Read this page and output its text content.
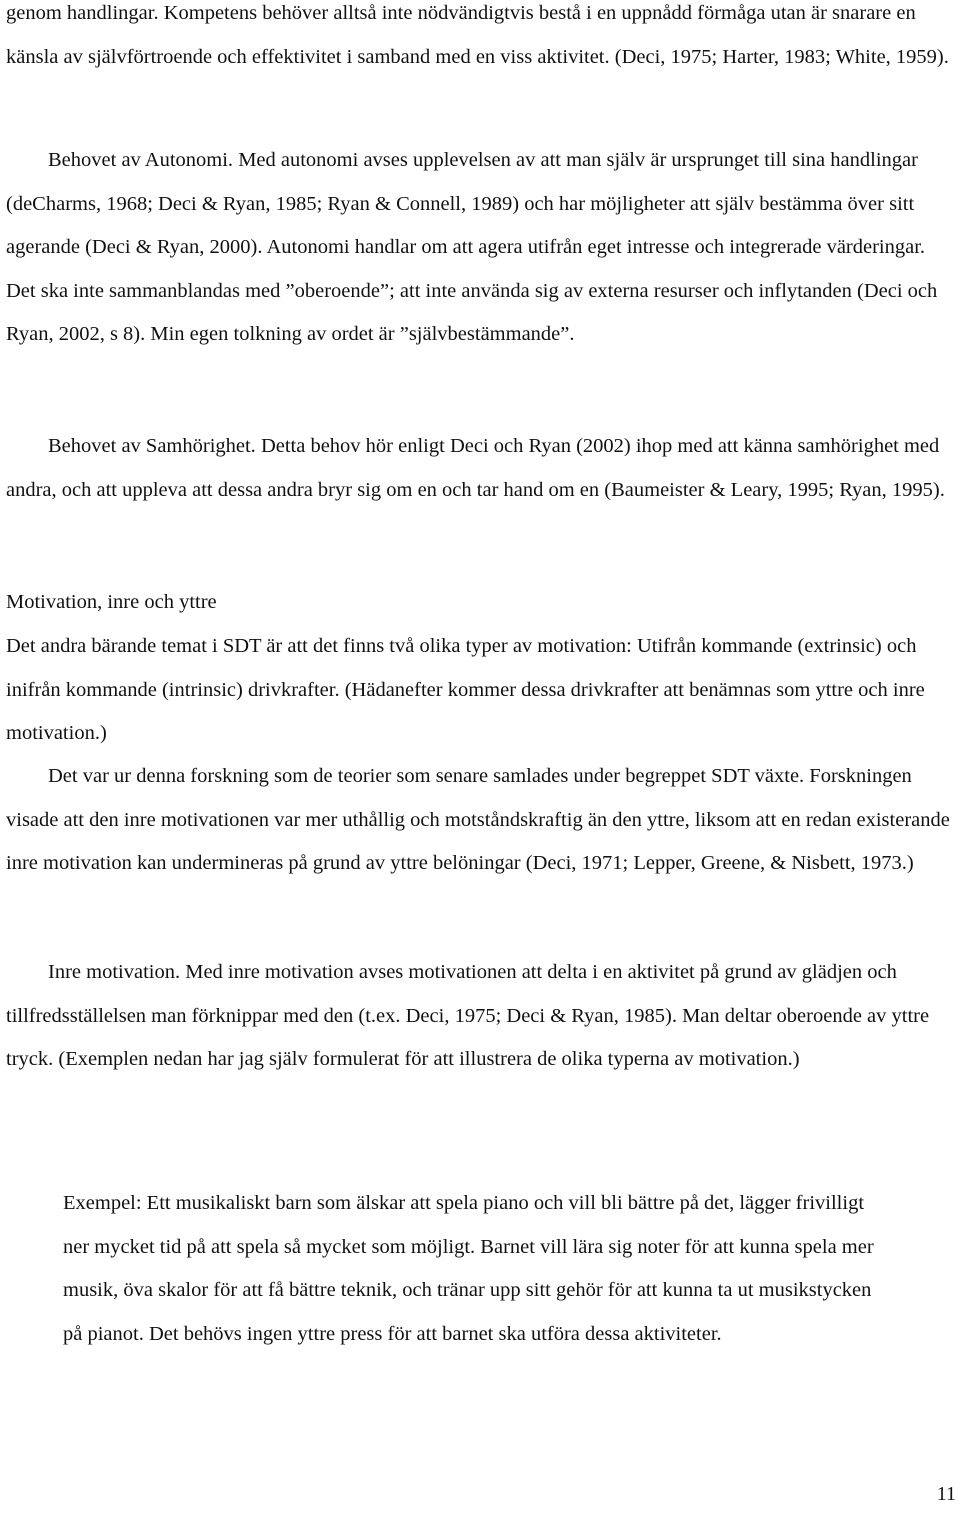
genom handlingar. Kompetens behöver alltså inte nödvändigtvis bestå i en uppnådd förmåga utan är snarare en känsla av självförtroende och effektivitet i samband med en viss aktivitet. (Deci, 1975; Harter, 1983; White, 1959).

Behovet av Autonomi. Med autonomi avses upplevelsen av att man själv är ursprunget till sina handlingar (deCharms, 1968; Deci & Ryan, 1985; Ryan & Connell, 1989) och har möjligheter att själv bestämma över sitt agerande (Deci & Ryan, 2000). Autonomi handlar om att agera utifrån eget intresse och integrerade värderingar. Det ska inte sammanblandas med ”oberoende”; att inte använda sig av externa resurser och inflytanden (Deci och Ryan, 2002, s 8). Min egen tolkning av ordet är ”självbestämmande”.

Behovet av Samhörighet. Detta behov hör enligt Deci och Ryan (2002) ihop med att känna samhörighet med andra, och att uppleva att dessa andra bryr sig om en och tar hand om en (Baumeister & Leary, 1995; Ryan, 1995).

Motivation, inre och yttre

Det andra bärande temat i SDT är att det finns två olika typer av motivation: Utifrån kommande (extrinsic) och inifrån kommande (intrinsic) drivkrafter. (Hädanefter kommer dessa drivkrafter att benämnas som yttre och inre motivation.)

Det var ur denna forskning som de teorier som senare samlades under begreppet SDT växte. Forskningen visade att den inre motivationen var mer uthållig och motståndskraftig än den yttre, liksom att en redan existerande inre motivation kan undermineras på grund av yttre belöningar (Deci, 1971; Lepper, Greene, & Nisbett, 1973.)

Inre motivation. Med inre motivation avses motivationen att delta i en aktivitet på grund av glädjen och tillfredsställelsen man förknippar med den (t.ex. Deci, 1975; Deci & Ryan, 1985). Man deltar oberoende av yttre tryck. (Exemplen nedan har jag själv formulerat för att illustrera de olika typerna av motivation.)

Exempel: Ett musikaliskt barn som älskar att spela piano och vill bli bättre på det, lägger frivilligt ner mycket tid på att spela så mycket som möjligt. Barnet vill lära sig noter för att kunna spela mer musik, öva skalor för att få bättre teknik, och tränar upp sitt gehör för att kunna ta ut musikstycken på pianot. Det behövs ingen yttre press för att barnet ska utföra dessa aktiviteter.

11
